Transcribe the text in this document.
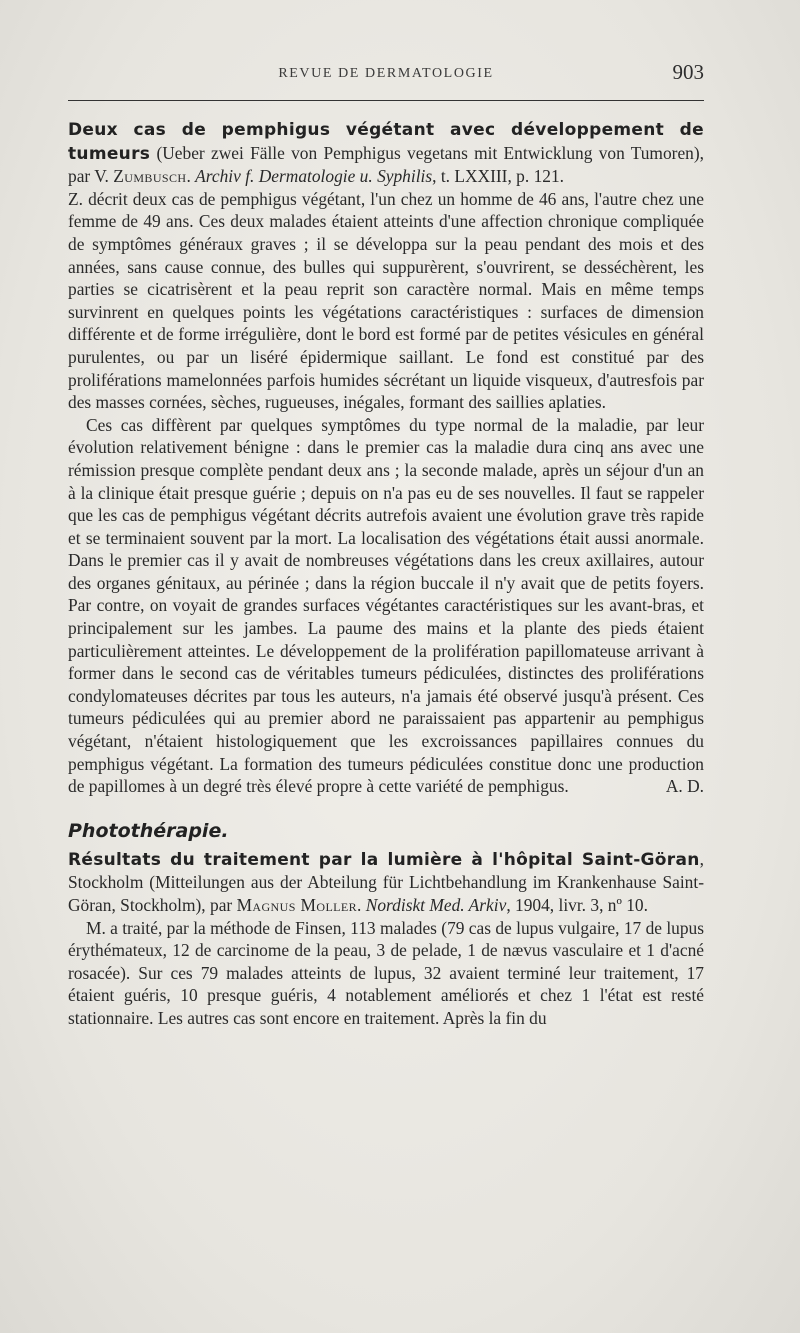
REVUE DE DERMATOLOGIE	903

Deux cas de pemphigus végétant avec développement de tumeurs (Ueber zwei Fälle von Pemphigus vegetans mit Entwicklung von Tumoren), par V. Zumbusch. Archiv f. Dermatologie u. Syphilis, t. LXXIII, p. 121.

Z. décrit deux cas de pemphigus végétant, l'un chez un homme de 46 ans, l'autre chez une femme de 49 ans. Ces deux malades étaient atteints d'une affection chronique compliquée de symptômes généraux graves ; il se développa sur la peau pendant des mois et des années, sans cause connue, des bulles qui suppurèrent, s'ouvrirent, se desséchèrent, les parties se cicatrisèrent et la peau reprit son caractère normal. Mais en même temps survinrent en quelques points les végétations caractéristiques : surfaces de dimension différente et de forme irrégulière, dont le bord est formé par de petites vésicules en général purulentes, ou par un liséré épidermique saillant. Le fond est constitué par des proliférations mamelonnées parfois humides sécrétant un liquide visqueux, d'autresfois par des masses cornées, sèches, rugueuses, inégales, formant des saillies aplaties.

Ces cas diffèrent par quelques symptômes du type normal de la maladie, par leur évolution relativement bénigne : dans le premier cas la maladie dura cinq ans avec une rémission presque complète pendant deux ans ; la seconde malade, après un séjour d'un an à la clinique était presque guérie ; depuis on n'a pas eu de ses nouvelles. Il faut se rappeler que les cas de pemphigus végétant décrits autrefois avaient une évolution grave très rapide et se terminaient souvent par la mort. La localisation des végétations était aussi anormale. Dans le premier cas il y avait de nombreuses végétations dans les creux axillaires, autour des organes génitaux, au périnée ; dans la région buccale il n'y avait que de petits foyers. Par contre, on voyait de grandes surfaces végétantes caractéristiques sur les avant-bras, et principalement sur les jambes. La paume des mains et la plante des pieds étaient particulièrement atteintes. Le développement de la prolifération papillomateuse arrivant à former dans le second cas de véritables tumeurs pédiculées, distinctes des proliférations condylomateuses décrites par tous les auteurs, n'a jamais été observé jusqu'à présent. Ces tumeurs pédiculées qui au premier abord ne paraissaient pas appartenir au pemphigus végétant, n'étaient histologiquement que les excroissances papillaires connues du pemphigus végétant. La formation des tumeurs pédiculées constitue donc une production de papillomes à un degré très élevé propre à cette variété de pemphigus.	A. D.

Photothérapie.

Résultats du traitement par la lumière à l'hôpital Saint-Göran, Stockholm (Mitteilungen aus der Abteilung für Lichtbehandlung im Krankenhause Saint-Göran, Stockholm), par Magnus Moller. Nordiskt Med. Arkiv, 1904, livr. 3, nº 10.

M. a traité, par la méthode de Finsen, 113 malades (79 cas de lupus vulgaire, 17 de lupus érythémateux, 12 de carcinome de la peau, 3 de pelade, 1 de nævus vasculaire et 1 d'acné rosacée). Sur ces 79 malades atteints de lupus, 32 avaient terminé leur traitement, 17 étaient guéris, 10 presque guéris, 4 notablement améliorés et chez 1 l'état est resté stationnaire. Les autres cas sont encore en traitement. Après la fin du
